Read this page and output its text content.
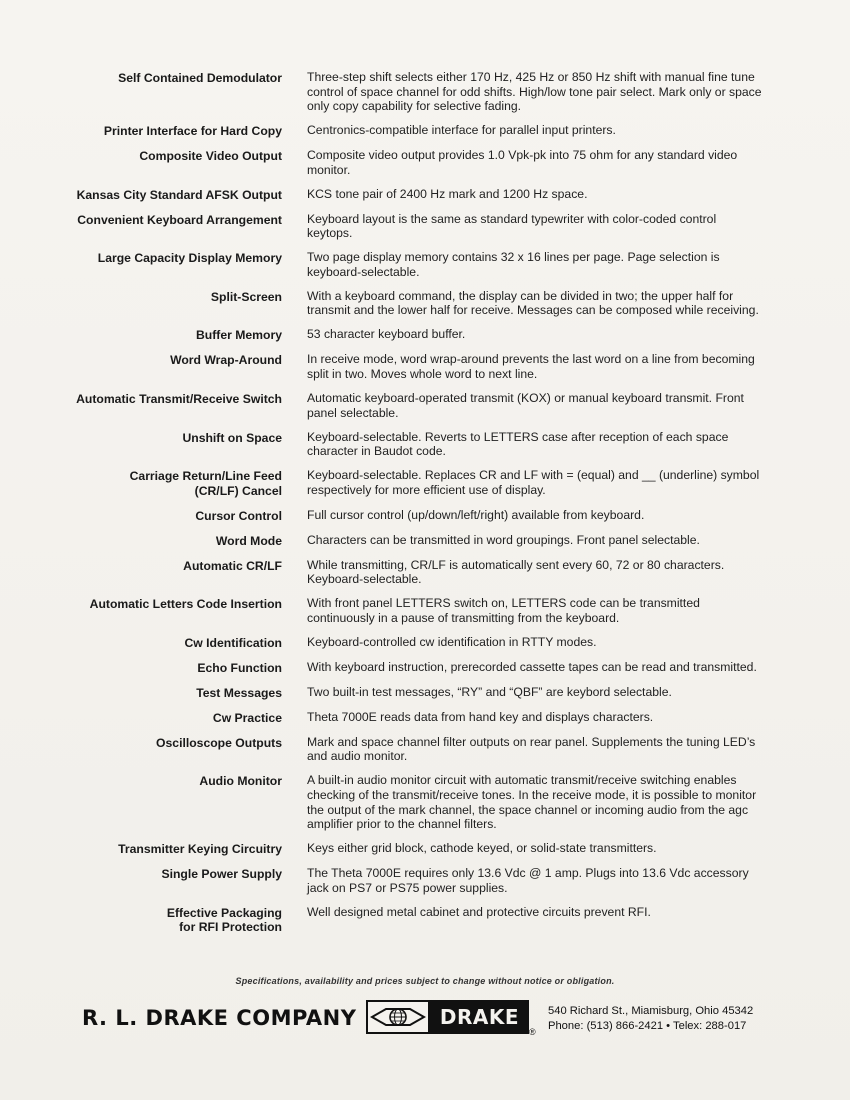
Self Contained Demodulator Three-step shift selects either 170 Hz, 425 Hz or 850 Hz shift with manual fine tune control of space channel for odd shifts. High/low tone pair select. Mark only or space only copy capability for selective fading.
Printer Interface for Hard Copy Centronics-compatible interface for parallel input printers.
Composite Video Output Composite video output provides 1.0 Vpk-pk into 75 ohm for any standard video monitor.
Kansas City Standard AFSK Output KCS tone pair of 2400 Hz mark and 1200 Hz space.
Convenient Keyboard Arrangement Keyboard layout is the same as standard typewriter with color-coded control keytops.
Large Capacity Display Memory Two page display memory contains 32 x 16 lines per page. Page selection is keyboard-selectable.
Split-Screen With a keyboard command, the display can be divided in two; the upper half for transmit and the lower half for receive. Messages can be composed while receiving.
Buffer Memory 53 character keyboard buffer.
Word Wrap-Around In receive mode, word wrap-around prevents the last word on a line from becoming split in two. Moves whole word to next line.
Automatic Transmit/Receive Switch Automatic keyboard-operated transmit (KOX) or manual keyboard transmit. Front panel selectable.
Unshift on Space Keyboard-selectable. Reverts to LETTERS case after reception of each space character in Baudot code.
Carriage Return/Line Feed
(CR/LF) Cancel
Keyboard-selectable. Replaces CR and LF with = (equal) and __ (underline) symbol respectively for more efficient use of display.
Cursor Control Full cursor control (up/down/left/right) available from keyboard.
Word Mode Characters can be transmitted in word groupings. Front panel selectable.
Automatic CR/LF While transmitting, CR/LF is automatically sent every 60, 72 or 80 characters. Keyboard-selectable.
Automatic Letters Code Insertion With front panel LETTERS switch on, LETTERS code can be transmitted continuously in a pause of transmitting from the keyboard.
Cw Identification Keyboard-controlled cw identification in RTTY modes.
Echo Function With keyboard instruction, prerecorded cassette tapes can be read and transmitted.
Test Messages Two built-in test messages, “RY” and “QBF” are keybord selectable.
Cw Practice Theta 7000E reads data from hand key and displays characters.
Oscilloscope Outputs Mark and space channel filter outputs on rear panel. Supplements the tuning LED’s and audio monitor.
Audio Monitor A built-in audio monitor circuit with automatic transmit/receive switching enables checking of the transmit/receive tones. In the receive mode, it is possible to monitor the output of the mark channel, the space channel or incoming audio from the agc amplifier prior to the channel filters.
Transmitter Keying Circuitry Keys either grid block, cathode keyed, or solid-state transmitters.
Single Power Supply The Theta 7000E requires only 13.6 Vdc @ 1 amp. Plugs into 13.6 Vdc accessory jack on PS7 or PS75 power supplies.
Effective Packaging
for RFI Protection
Well designed metal cabinet and protective circuits prevent RFI.
Specifications, availability and prices subject to change without notice or obligation.
R. L. DRAKE COMPANY	DRAKE
®
540 Richard St., Miamisburg, Ohio 45342
Phone: (513) 866-2421 • Telex: 288-017
